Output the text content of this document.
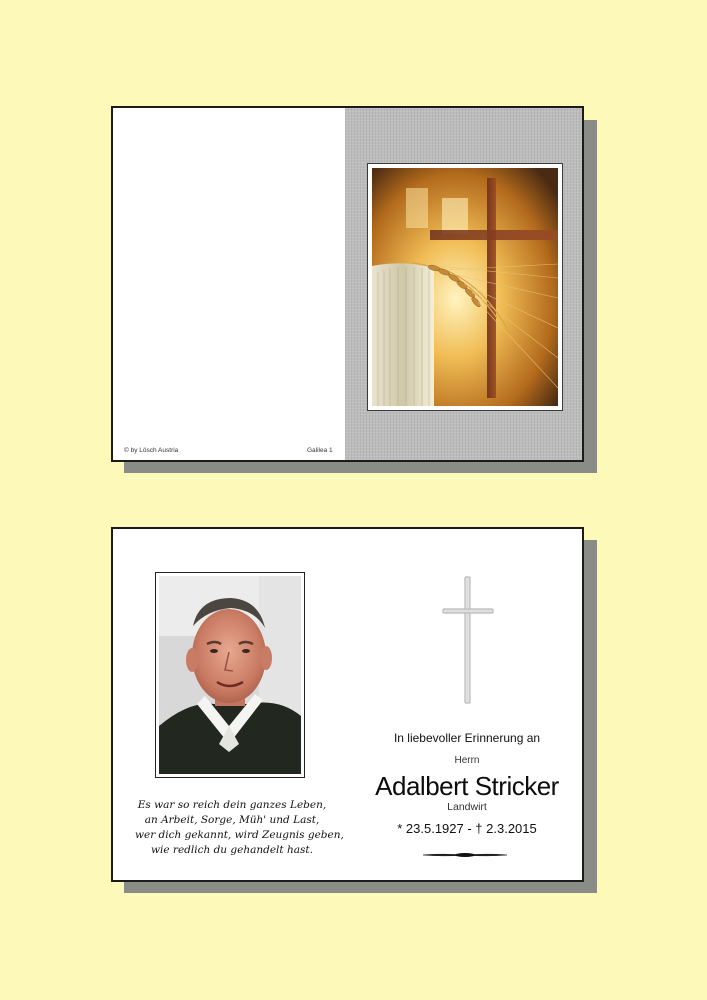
© by Lösch Austria	Galilea 1
Es war so reich dein ganzes Leben,
an Arbeit, Sorge, Müh' und Last,
wer dich gekannt, wird Zeugnis geben,
wie redlich du gehandelt hast.
In liebevoller Erinnerung an
Herrn
Adalbert Stricker
Landwirt
* 23.5.1927 - † 2.3.2015
